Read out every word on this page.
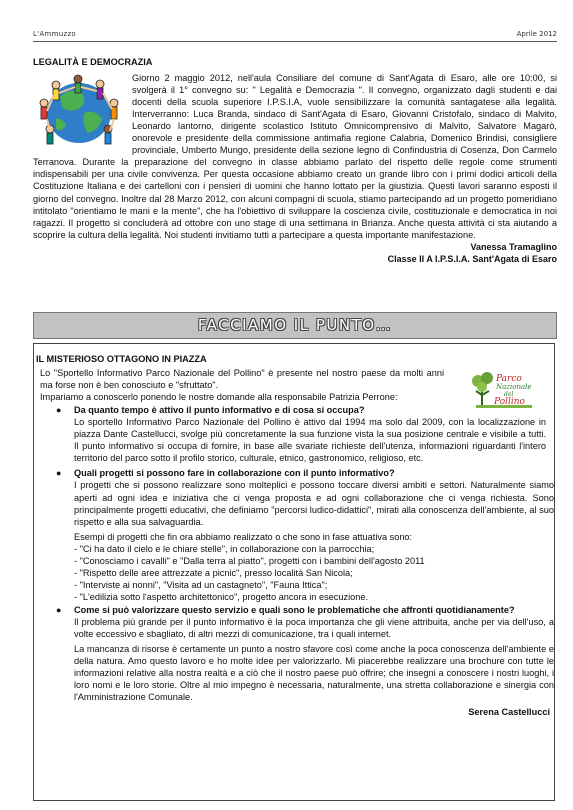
L'Ammuzzo	Aprile 2012
LEGALITÀ E DEMOCRAZIA

Giorno 2 maggio 2012, nell'aula Consiliare del comune di Sant'Agata di Esaro, alle ore 10:00, si svolgerà il 1° convegno su: " Legalità e Democrazia ". Il convegno, organizzato dagli studenti e dai docenti della scuola superiore I.P.S.I.A, vuole sensibilizzare la comunità santagatese alla legalità. Interverranno: Luca Branda, sindaco di Sant'Agata di Esaro, Giovanni Cristofalo, sindaco di Malvito, Leonardo Iantorno, dirigente scolastico Istituto Omnicomprensivo di Malvito, Salvatore Magarò, onorevole e presidente della commissione antimafia regione Calabria, Domenico Brindisi, consigliere provinciale, Umberto Mungo, presidente della sezione legno di Confindustria di Cosenza, Don Carmelo Terranova. Durante la preparazione del convegno in classe abbiamo parlato del rispetto delle regole come strumenti indispensabili per una civile convivenza. Per questa occasione abbiamo creato un grande libro con i primi dodici articoli della Costituzione Italiana e dei cartelloni con i pensieri di uomini che hanno lottato per la giustizia. Questi lavori saranno esposti il giorno del convegno. Inoltre dal 28 Marzo 2012, con alcuni compagni di scuola, stiamo partecipando ad un progetto pomeridiano intitolato "orientiamo le mani e la mente", che ha l'obiettivo di sviluppare la coscienza civile, costituzionale e democratica in noi ragazzi. Il progetto si concluderà ad ottobre con uno stage di una settimana in Brianza. Anche questa attività ci sta aiutando a scoprire la cultura della legalità. Noi studenti invitiamo tutti a partecipare a questa importante manifestazione.

Vanessa Tramaglino
Classe II A I.P.S.I.A. Sant'Agata di Esaro
FACCIAMO IL PUNTO…
Parco
Nazionale
del
Pollino
IL MISTERIOSO OTTAGONO IN PIAZZA

Lo "Sportello Informativo Parco Nazionale del Pollino" è presente nel nostro paese da molti anni ma forse non è ben conosciuto e "sfruttato".

Impariamo a conoscerlo ponendo le nostre domande alla responsabile Patrizia Perrone:

● Da quanto tempo è attivo il punto informativo e di cosa si occupa?

Lo sportello Informativo Parco Nazionale del Pollino è attivo dal 1994 ma solo dal 2009, con la localizzazione in piazza Dante Castellucci, svolge più concretamente la sua funzione vista la sua posizione centrale e visibile a tutti. Il punto informativo si occupa di fornire, in base alle svariate richieste dell'utenza, informazioni riguardanti l'intero territorio del parco sotto il profilo storico, culturale, etnico, gastronomico, religioso, etc.

● Quali progetti si possono fare in collaborazione con il punto informativo?

I progetti che si possono realizzare sono molteplici e possono toccare diversi ambiti e settori. Naturalmente siamo aperti ad ogni idea e iniziativa che ci venga proposta e ad ogni collaborazione che ci venga richiesta. Sono principalmente progetti educativi, che definiamo "percorsi ludico-didattici", mirati alla conoscenza dell'ambiente, al suo rispetto e alla sua salvaguardia.

Esempi di progetti che fin ora abbiamo realizzato o che sono in fase attuativa sono:

- "Ci ha dato il cielo e le chiare stelle", in collaborazione con la parrocchia;
- "Conosciamo i cavalli" e "Dalla terra al piatto", progetti con i bambini dell'agosto 2011
- "Rispetto delle aree attrezzate a picnic", presso località San Nicola;
- "Interviste ai nonni", "Visita ad un castagneto", "Fauna Ittica";
- "L'edilizia sotto l'aspetto architettonico", progetto ancora in esecuzione.
● Come si può valorizzare questo servizio e quali sono le problematiche che affronti quotidianamente?

Il problema più grande per il punto informativo è la poca importanza che gli viene attribuita, anche per via dell'uso, a volte eccessivo e sbagliato, di altri mezzi di comunicazione, tra i quali internet.

La mancanza di risorse è certamente un punto a nostro sfavore così come anche la poca conoscenza dell'ambiente e della natura. Amo questo lavoro e ho molte idee per valorizzarlo. Mi piacerebbe realizzare una brochure con tutte le informazioni relative alla nostra realtà e a ciò che il nostro paese può offrire; che insegni a conoscere i nostri luoghi, i loro nomi e le loro storie. Oltre al mio impegno è necessaria, naturalmente, una stretta collaborazione e sinergia con l'Amministrazione Comunale.

Serena Castellucci
